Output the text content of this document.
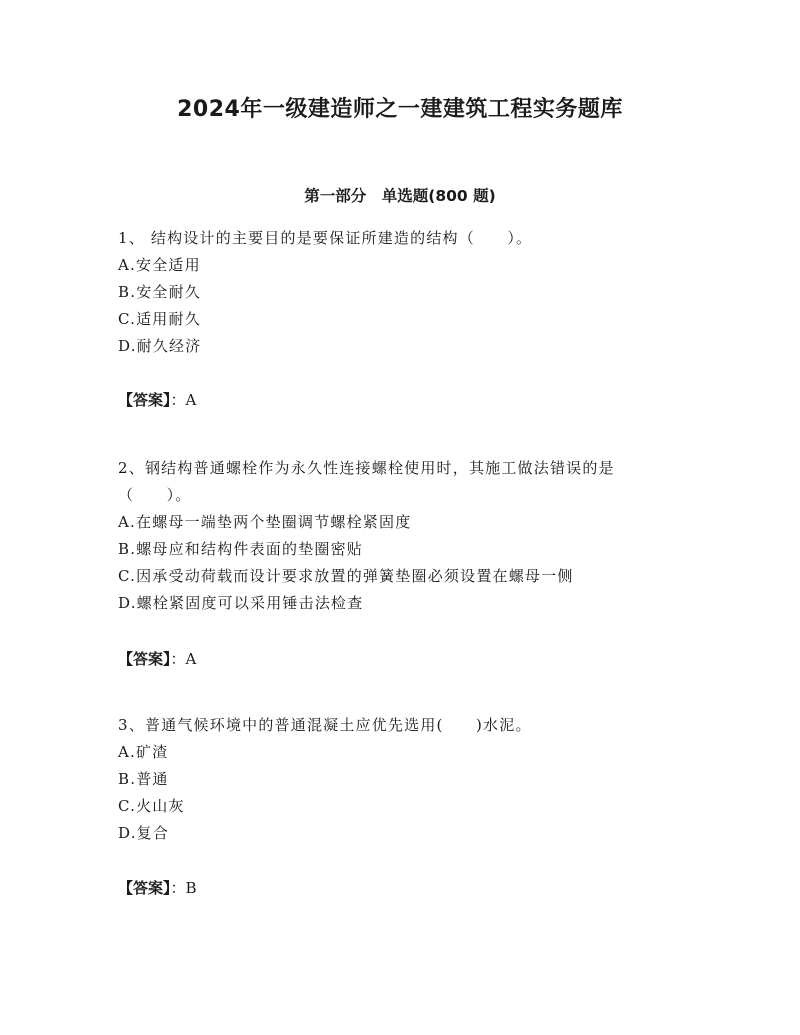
2024年一级建造师之一建建筑工程实务题库
第一部分　单选题(800 题)
1、 结构设计的主要目的是要保证所建造的结构（　　）。
A.安全适用
B.安全耐久
C.适用耐久
D.耐久经济
【答案】：A
2、钢结构普通螺栓作为永久性连接螺栓使用时，其施工做法错误的是
（　　）。
A.在螺母一端垫两个垫圈调节螺栓紧固度
B.螺母应和结构件表面的垫圈密贴
C.因承受动荷载而设计要求放置的弹簧垫圈必须设置在螺母一侧
D.螺栓紧固度可以采用锤击法检查
【答案】：A
3、普通气候环境中的普通混凝土应优先选用(　　)水泥。
A.矿渣
B.普通
C.火山灰
D.复合
【答案】：B
